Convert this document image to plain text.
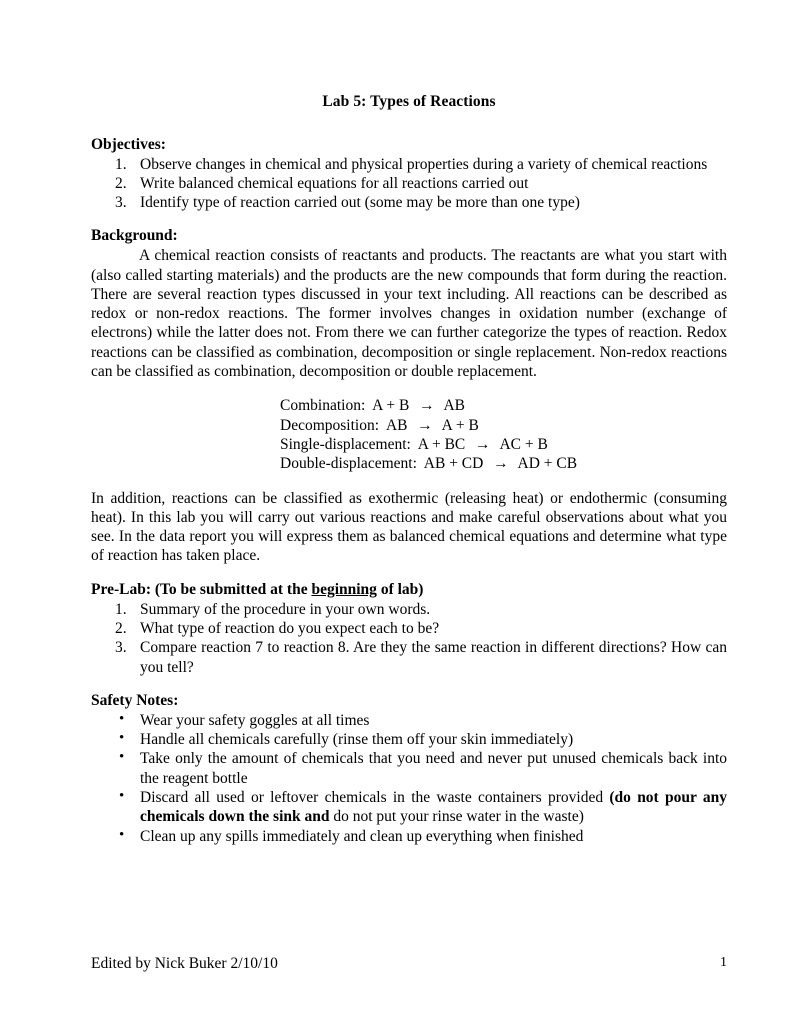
Lab 5: Types of Reactions
Objectives:
1. Observe changes in chemical and physical properties during a variety of chemical reactions
2. Write balanced chemical equations for all reactions carried out
3. Identify type of reaction carried out (some may be more than one type)
Background:

A chemical reaction consists of reactants and products. The reactants are what you start with (also called starting materials) and the products are the new compounds that form during the reaction. There are several reaction types discussed in your text including. All reactions can be described as redox or non-redox reactions. The former involves changes in oxidation number (exchange of electrons) while the latter does not. From there we can further categorize the types of reaction. Redox reactions can be classified as combination, decomposition or single replacement. Non-redox reactions can be classified as combination, decomposition or double replacement.

Combination: A + B → AB
Decomposition: AB → A + B
Single-displacement: A + BC → AC + B
Double-displacement: AB + CD → AD + CB

In addition, reactions can be classified as exothermic (releasing heat) or endothermic (consuming heat). In this lab you will carry out various reactions and make careful observations about what you see. In the data report you will express them as balanced chemical equations and determine what type of reaction has taken place.

Pre-Lab: (To be submitted at the beginning of lab)
1. Summary of the procedure in your own words.
2. What type of reaction do you expect each to be?
3. Compare reaction 7 to reaction 8. Are they the same reaction in different directions? How can you tell?
Safety Notes:
• Wear your safety goggles at all times
• Handle all chemicals carefully (rinse them off your skin immediately)
• Take only the amount of chemicals that you need and never put unused chemicals back into the reagent bottle
• Discard all used or leftover chemicals in the waste containers provided (do not pour any chemicals down the sink and do not put your rinse water in the waste)
• Clean up any spills immediately and clean up everything when finished
Edited by Nick Buker 2/10/10	1
